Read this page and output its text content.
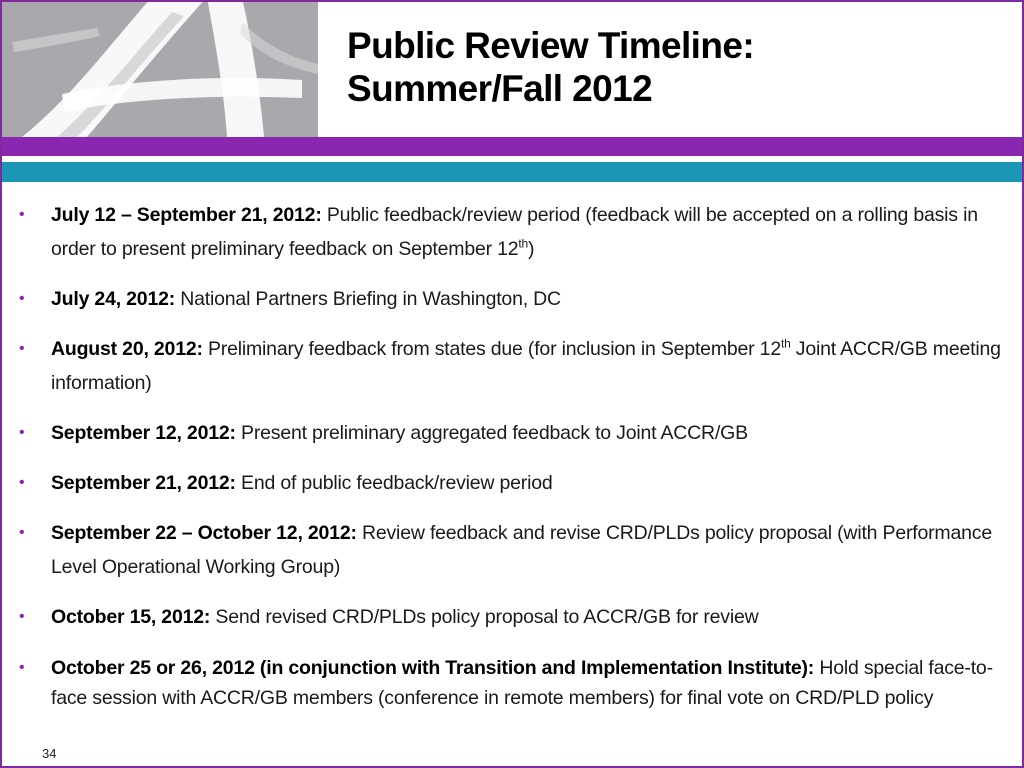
Public Review Timeline:
Summer/Fall 2012
• July 12 – September 21, 2012: Public feedback/review period (feedback will be accepted on a rolling basis in order to present preliminary feedback on September 12th)
• July 24, 2012: National Partners Briefing in Washington, DC
• August 20, 2012: Preliminary feedback from states due (for inclusion in September 12th Joint ACCR/GB meeting information)
• September 12, 2012: Present preliminary aggregated feedback to Joint ACCR/GB
• September 21, 2012: End of public feedback/review period
• September 22 – October 12, 2012: Review feedback and revise CRD/PLDs policy proposal (with Performance Level Operational Working Group)
• October 15, 2012: Send revised CRD/PLDs policy proposal to ACCR/GB for review
• October 25 or 26, 2012 (in conjunction with Transition and Implementation Institute): Hold special face-to-face session with ACCR/GB members (conference in remote members) for final vote on CRD/PLD policy
34
